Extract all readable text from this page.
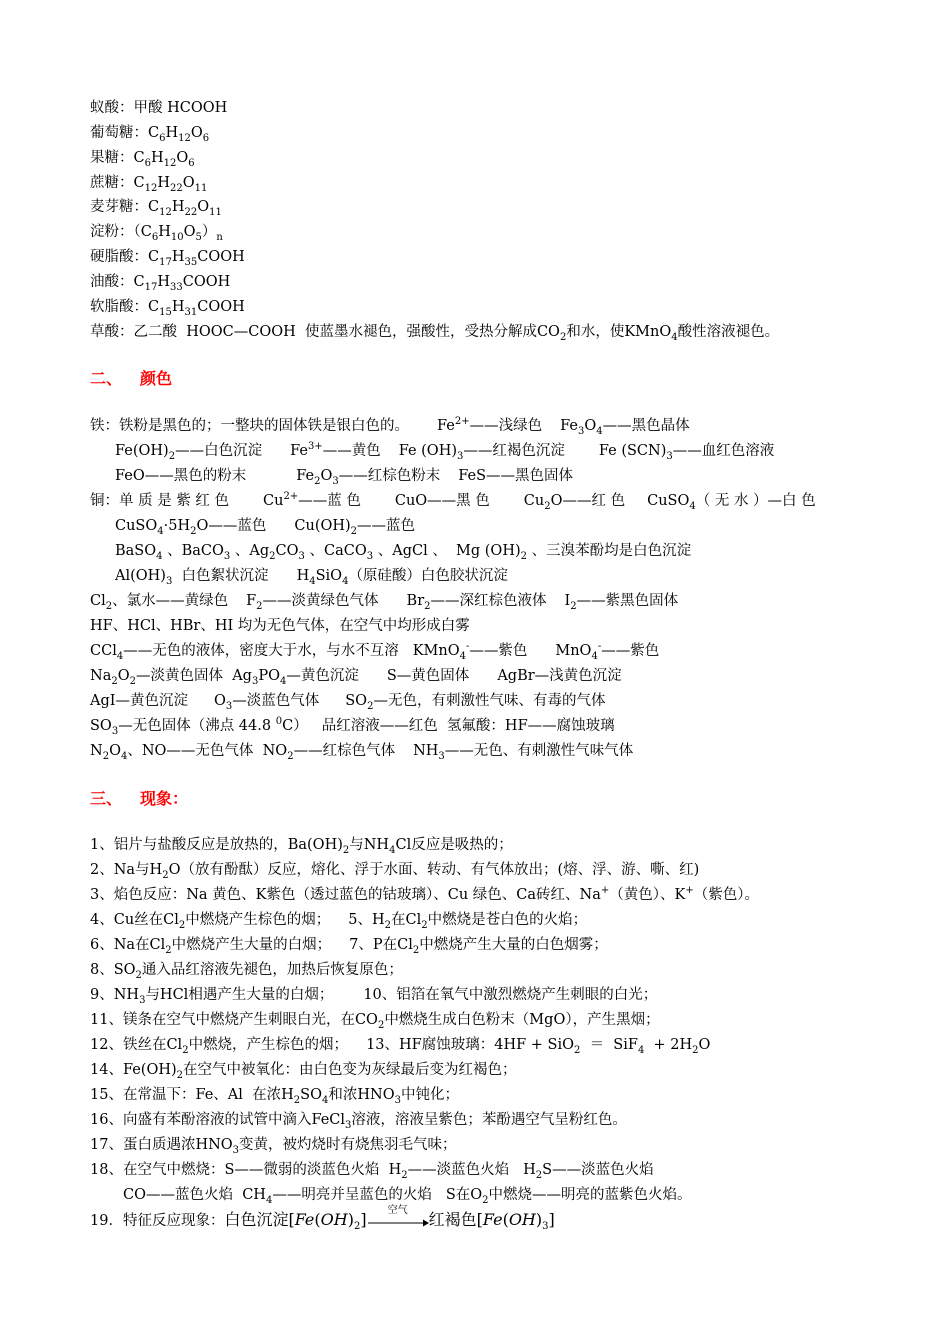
蚁酸：甲酸 HCOOH
葡萄糖：$C_6H_{12}O_6$
果糖：$C_6H_{12}O_6$
蔗糖：$C_{12}H_{22}O_{11}$
麦芽糖：$C_{12}H_{22}O_{11}$
淀粉：$(C_6H_{10}O_5)_n$
硬脂酸：$C_{17}H_{35}COOH$
油酸：$C_{17}H_{33}COOH$
软脂酸：$C_{15}H_{31}COOH$
草酸：乙二酸  HOOC—COOH  使蓝墨水褪色，强酸性，受热分解成$CO_2$和水，使KMnO$_4$酸性溶液褪色。
二、 颜色
铁：铁粉是黑色的；一整块的固体铁是银白色的。 $Fe^{2+}——$浅绿色 $Fe_3O_4——$黑色晶体
$Fe(OH)_2——$白色沉淀 $Fe^{3+}——$黄色 Fe $(OH)_3——$红褐色沉淀 Fe $(SCN)_3——$血红色溶液
FeO——黑色的粉末	$Fe_2O_3——$红棕色粉末 FeS——黑色固体
铜：单 质 是 紫 红 色 $Cu^{2+}——$蓝 色 CuO——黑 色 $Cu_2O——$红 色 CuSO$_4$（ 无 水 ）—白 色
$CuSO_4\cdot 5H_2O——$蓝色 $Cu(OH)_2——$蓝色
BaSO$_4$ 、BaCO$_3$ 、$Ag_2CO_3$ 、CaCO$_3$ 、AgCl 、  Mg $(OH)_2$ 、三溴苯酚均是白色沉淀
$Al(OH)_3$  白色絮状沉淀 $H_4SiO_4$（原硅酸）白色胶状沉淀
$Cl_2$、氯水——黄绿色 $F_2——$淡黄绿色气体 $Br_2——$深红棕色液体 $I_2——$紫黑色固体
HF、HCl、HBr、HI 均为无色气体，在空气中均形成白雾
CCl$_4$——无色的液体，密度大于水，与水不互溶 KMnO$_4$-——紫色 MnO$_4$-——紫色
$Na_2O_2—$淡黄色固体  $Ag_3PO_4—$黄色沉淀 S—黄色固体 AgBr—浅黄色沉淀
AgI—黄色沉淀 $O_3—$淡蓝色气体 $SO_2—$无色，有刺激性气味、有毒的气体
$SO_3—$无色固体（沸点 44.8 $^0$C） 品红溶液——红色  氢氟酸：HF——腐蚀玻璃
$N_2O_4$、NO——无色气体  $NO_2——$红棕色气体 $NH_3——$无色、有刺激性气味气体
三、 现象：
1、铝片与盐酸反应是放热的，$Ba(OH)_2$与$NH_4Cl$反应是吸热的；
2、Na与$H_2O$（放有酚酞）反应，熔化、浮于水面、转动、有气体放出；(熔、浮、游、嘶、红)
3、焰色反应：Na 黄色、K紫色（透过蓝色的钴玻璃）、Cu 绿色、Ca砖红、Na+（黄色）、K+（紫色）。
4、Cu丝在$Cl_2$中燃烧产生棕色的烟； 5、$H_2$在$Cl_2$中燃烧是苍白色的火焰；
6、Na在$Cl_2$中燃烧产生大量的白烟； 7、P在$Cl_2$中燃烧产生大量的白色烟雾；
8、$SO_2$通入品红溶液先褪色，加热后恢复原色；
9、$NH_3$与HCl相遇产生大量的白烟； 10、铝箔在氧气中激烈燃烧产生刺眼的白光；
11、镁条在空气中燃烧产生刺眼白光，在$CO_2$中燃烧生成白色粉末（MgO），产生黑烟；
12、铁丝在$Cl_2$中燃烧，产生棕色的烟； 13、HF腐蚀玻璃：$4HF + SiO_2 = SiF_4 + 2H_2O$
14、$Fe(OH)_2$在空气中被氧化：由白色变为灰绿最后变为红褐色；
15、在常温下：Fe、Al  在浓$H_2SO_4$和浓$HNO_3$中钝化；
16、向盛有苯酚溶液的试管中滴入FeCl$_3$溶液，溶液呈紫色；苯酚遇空气呈粉红色。
17、蛋白质遇浓$HNO_3$变黄，被灼烧时有烧焦羽毛气味；
18、在空气中燃烧：S——微弱的淡蓝色火焰  $H_2——$淡蓝色火焰 $H_2S——$淡蓝色火焰
CO——蓝色火焰  $CH_4——$明亮并呈蓝色的火焰 S在$O_2$中燃烧——明亮的蓝紫色火焰。
19．特征反应现象：白色沉淀$[Fe(OH)_2]$	空气	红褐色$[Fe(OH)_3]$
